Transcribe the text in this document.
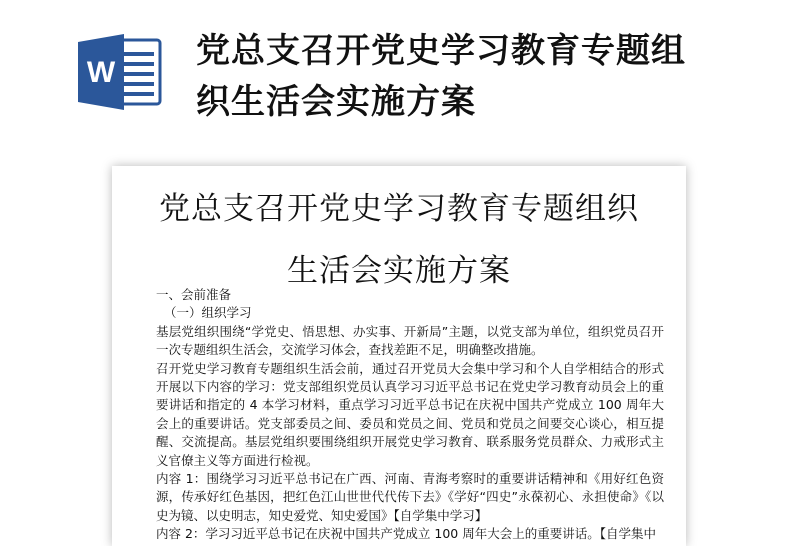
W
党总支召开党史学习教育专题组
织生活会实施方案
党总支召开党史学习教育专题组织
生活会实施方案

一、会前准备

（一）组织学习

基层党组织围绕“学党史、悟思想、办实事、开新局”主题，以党支部为单位，组织党员召开一次专题组织生活会，交流学习体会，查找差距不足，明确整改措施。

召开党史学习教育专题组织生活会前，通过召开党员大会集中学习和个人自学相结合的形式开展以下内容的学习：党支部组织党员认真学习习近平总书记在党史学习教育动员会上的重要讲话和指定的 4 本学习材料，重点学习习近平总书记在庆祝中国共产党成立 100 周年大会上的重要讲话。党支部委员之间、委员和党员之间、党员和党员之间要交心谈心，相互提醒、交流提高。基层党组织要围绕组织开展党史学习教育、联系服务党员群众、力戒形式主义官僚主义等方面进行检视。

内容 1：围绕学习习近平总书记在广西、河南、青海考察时的重要讲话精神和《用好红色资源，传承好红色基因，把红色江山世世代代传下去》《学好“四史”永葆初心、永担使命》《以史为镜、以史明志，知史爱党、知史爱国》【自学集中学习】

内容 2：学习习近平总书记在庆祝中国共产党成立 100 周年大会上的重要讲话。【自学集中
